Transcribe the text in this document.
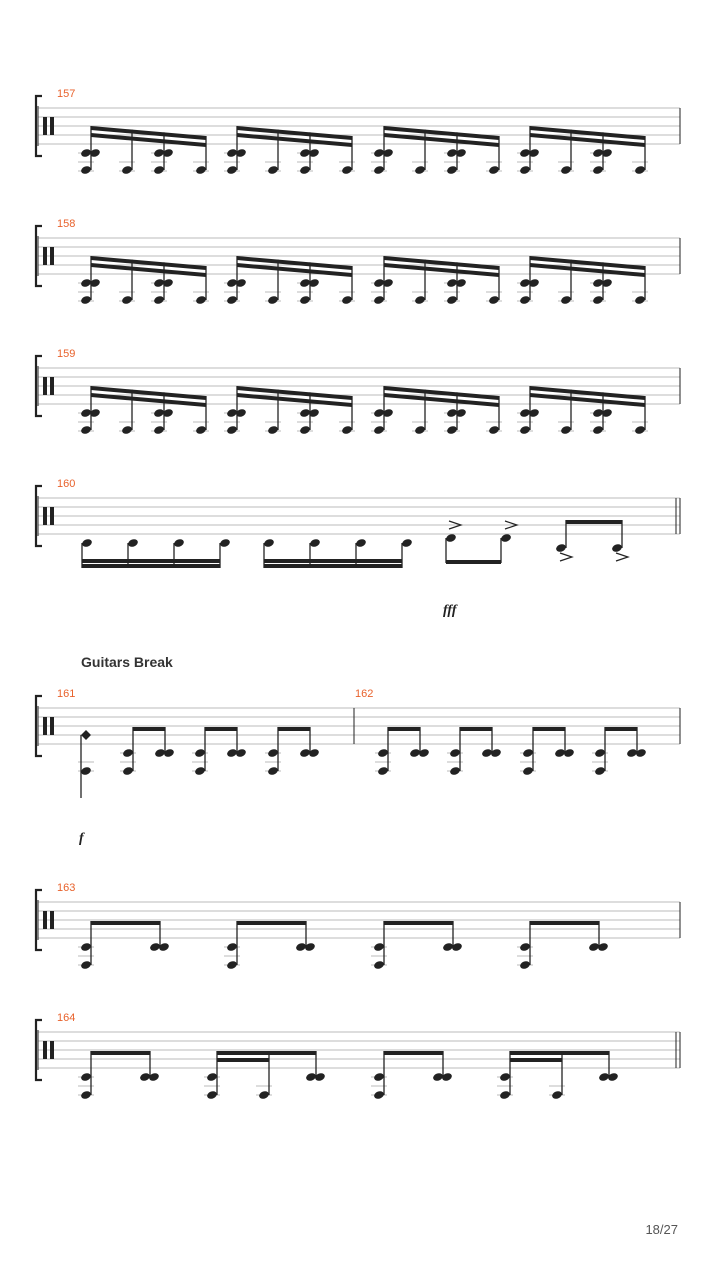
157
158
159
160
161	162
163
164
Guitars Break
fff
f
18/27
